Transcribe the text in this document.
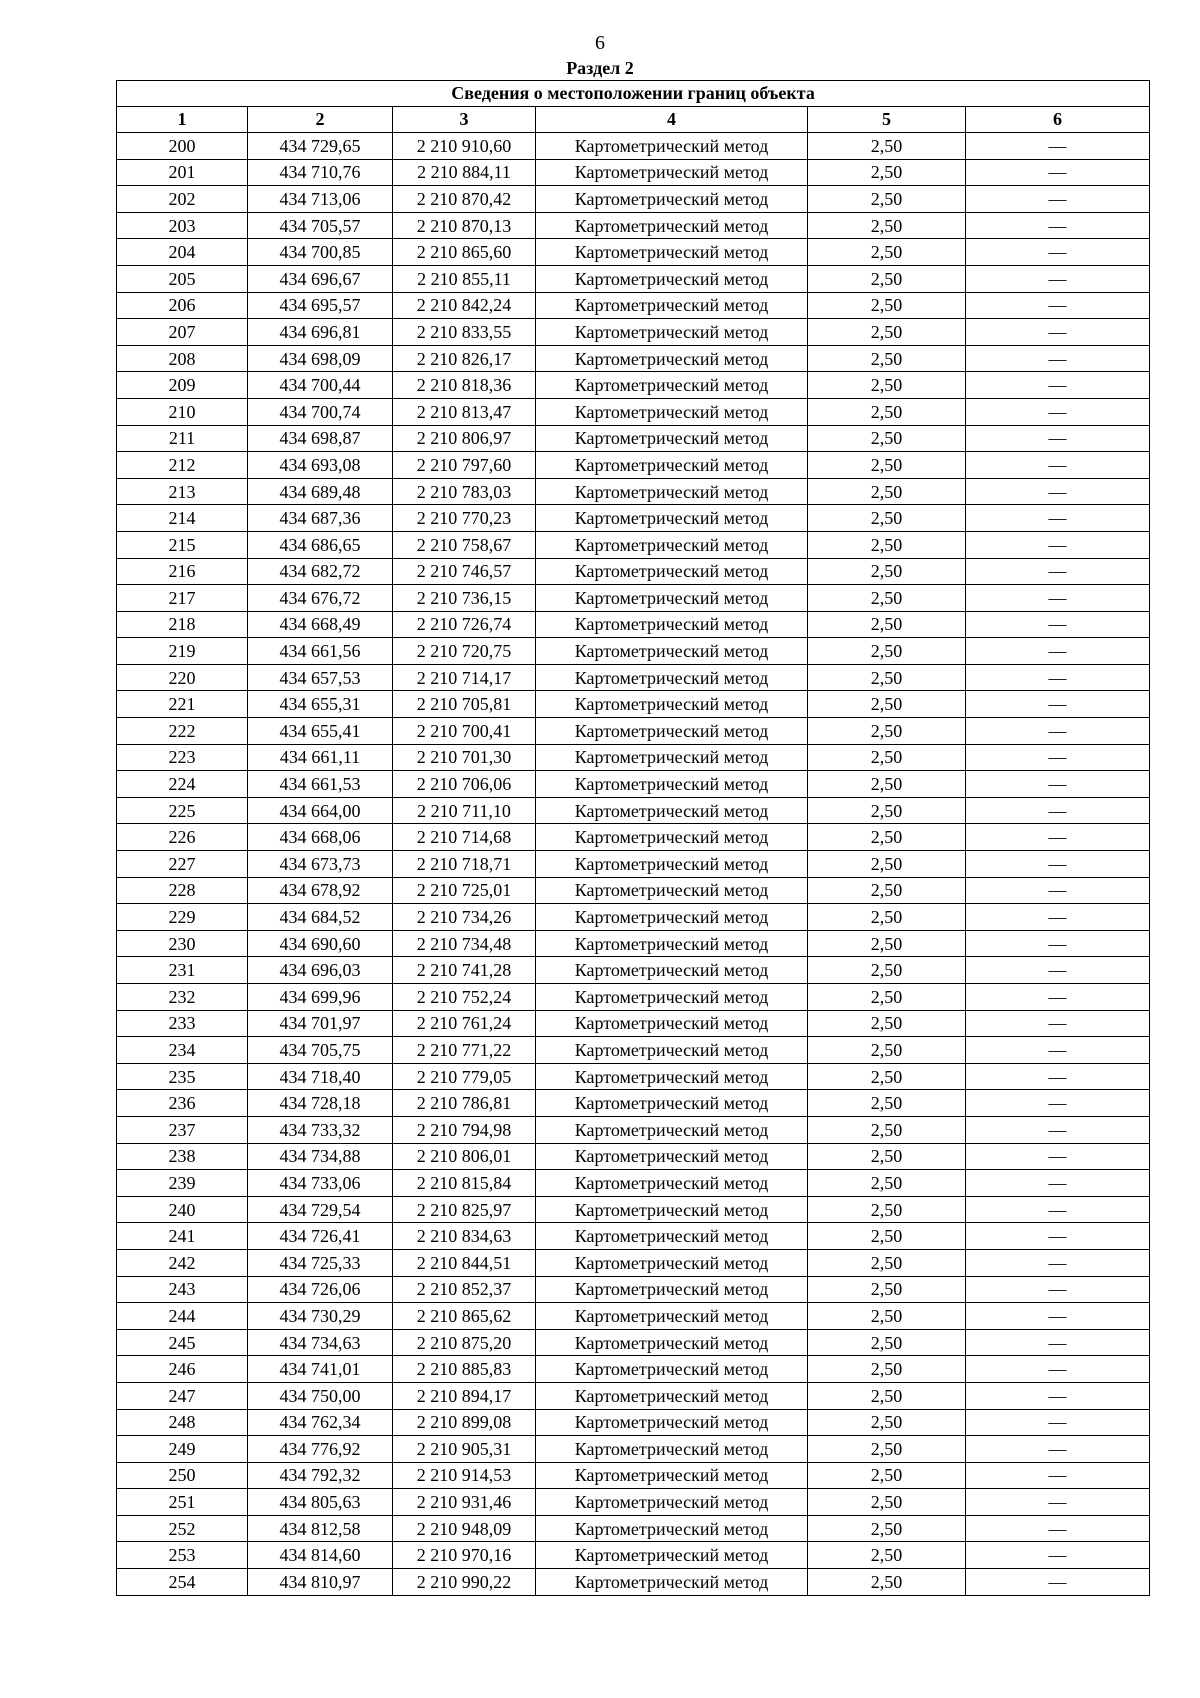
6
Раздел 2
Сведения о местоположении границ объекта					
1	2	3	4	5	6
200	434 729,65	2 210 910,60	Картометрический метод	2,50	—
201	434 710,76	2 210 884,11	Картометрический метод	2,50	—
202	434 713,06	2 210 870,42	Картометрический метод	2,50	—
203	434 705,57	2 210 870,13	Картометрический метод	2,50	—
204	434 700,85	2 210 865,60	Картометрический метод	2,50	—
205	434 696,67	2 210 855,11	Картометрический метод	2,50	—
206	434 695,57	2 210 842,24	Картометрический метод	2,50	—
207	434 696,81	2 210 833,55	Картометрический метод	2,50	—
208	434 698,09	2 210 826,17	Картометрический метод	2,50	—
209	434 700,44	2 210 818,36	Картометрический метод	2,50	—
210	434 700,74	2 210 813,47	Картометрический метод	2,50	—
211	434 698,87	2 210 806,97	Картометрический метод	2,50	—
212	434 693,08	2 210 797,60	Картометрический метод	2,50	—
213	434 689,48	2 210 783,03	Картометрический метод	2,50	—
214	434 687,36	2 210 770,23	Картометрический метод	2,50	—
215	434 686,65	2 210 758,67	Картометрический метод	2,50	—
216	434 682,72	2 210 746,57	Картометрический метод	2,50	—
217	434 676,72	2 210 736,15	Картометрический метод	2,50	—
218	434 668,49	2 210 726,74	Картометрический метод	2,50	—
219	434 661,56	2 210 720,75	Картометрический метод	2,50	—
220	434 657,53	2 210 714,17	Картометрический метод	2,50	—
221	434 655,31	2 210 705,81	Картометрический метод	2,50	—
222	434 655,41	2 210 700,41	Картометрический метод	2,50	—
223	434 661,11	2 210 701,30	Картометрический метод	2,50	—
224	434 661,53	2 210 706,06	Картометрический метод	2,50	—
225	434 664,00	2 210 711,10	Картометрический метод	2,50	—
226	434 668,06	2 210 714,68	Картометрический метод	2,50	—
227	434 673,73	2 210 718,71	Картометрический метод	2,50	—
228	434 678,92	2 210 725,01	Картометрический метод	2,50	—
229	434 684,52	2 210 734,26	Картометрический метод	2,50	—
230	434 690,60	2 210 734,48	Картометрический метод	2,50	—
231	434 696,03	2 210 741,28	Картометрический метод	2,50	—
232	434 699,96	2 210 752,24	Картометрический метод	2,50	—
233	434 701,97	2 210 761,24	Картометрический метод	2,50	—
234	434 705,75	2 210 771,22	Картометрический метод	2,50	—
235	434 718,40	2 210 779,05	Картометрический метод	2,50	—
236	434 728,18	2 210 786,81	Картометрический метод	2,50	—
237	434 733,32	2 210 794,98	Картометрический метод	2,50	—
238	434 734,88	2 210 806,01	Картометрический метод	2,50	—
239	434 733,06	2 210 815,84	Картометрический метод	2,50	—
240	434 729,54	2 210 825,97	Картометрический метод	2,50	—
241	434 726,41	2 210 834,63	Картометрический метод	2,50	—
242	434 725,33	2 210 844,51	Картометрический метод	2,50	—
243	434 726,06	2 210 852,37	Картометрический метод	2,50	—
244	434 730,29	2 210 865,62	Картометрический метод	2,50	—
245	434 734,63	2 210 875,20	Картометрический метод	2,50	—
246	434 741,01	2 210 885,83	Картометрический метод	2,50	—
247	434 750,00	2 210 894,17	Картометрический метод	2,50	—
248	434 762,34	2 210 899,08	Картометрический метод	2,50	—
249	434 776,92	2 210 905,31	Картометрический метод	2,50	—
250	434 792,32	2 210 914,53	Картометрический метод	2,50	—
251	434 805,63	2 210 931,46	Картометрический метод	2,50	—
252	434 812,58	2 210 948,09	Картометрический метод	2,50	—
253	434 814,60	2 210 970,16	Картометрический метод	2,50	—
254	434 810,97	2 210 990,22	Картометрический метод	2,50	—
